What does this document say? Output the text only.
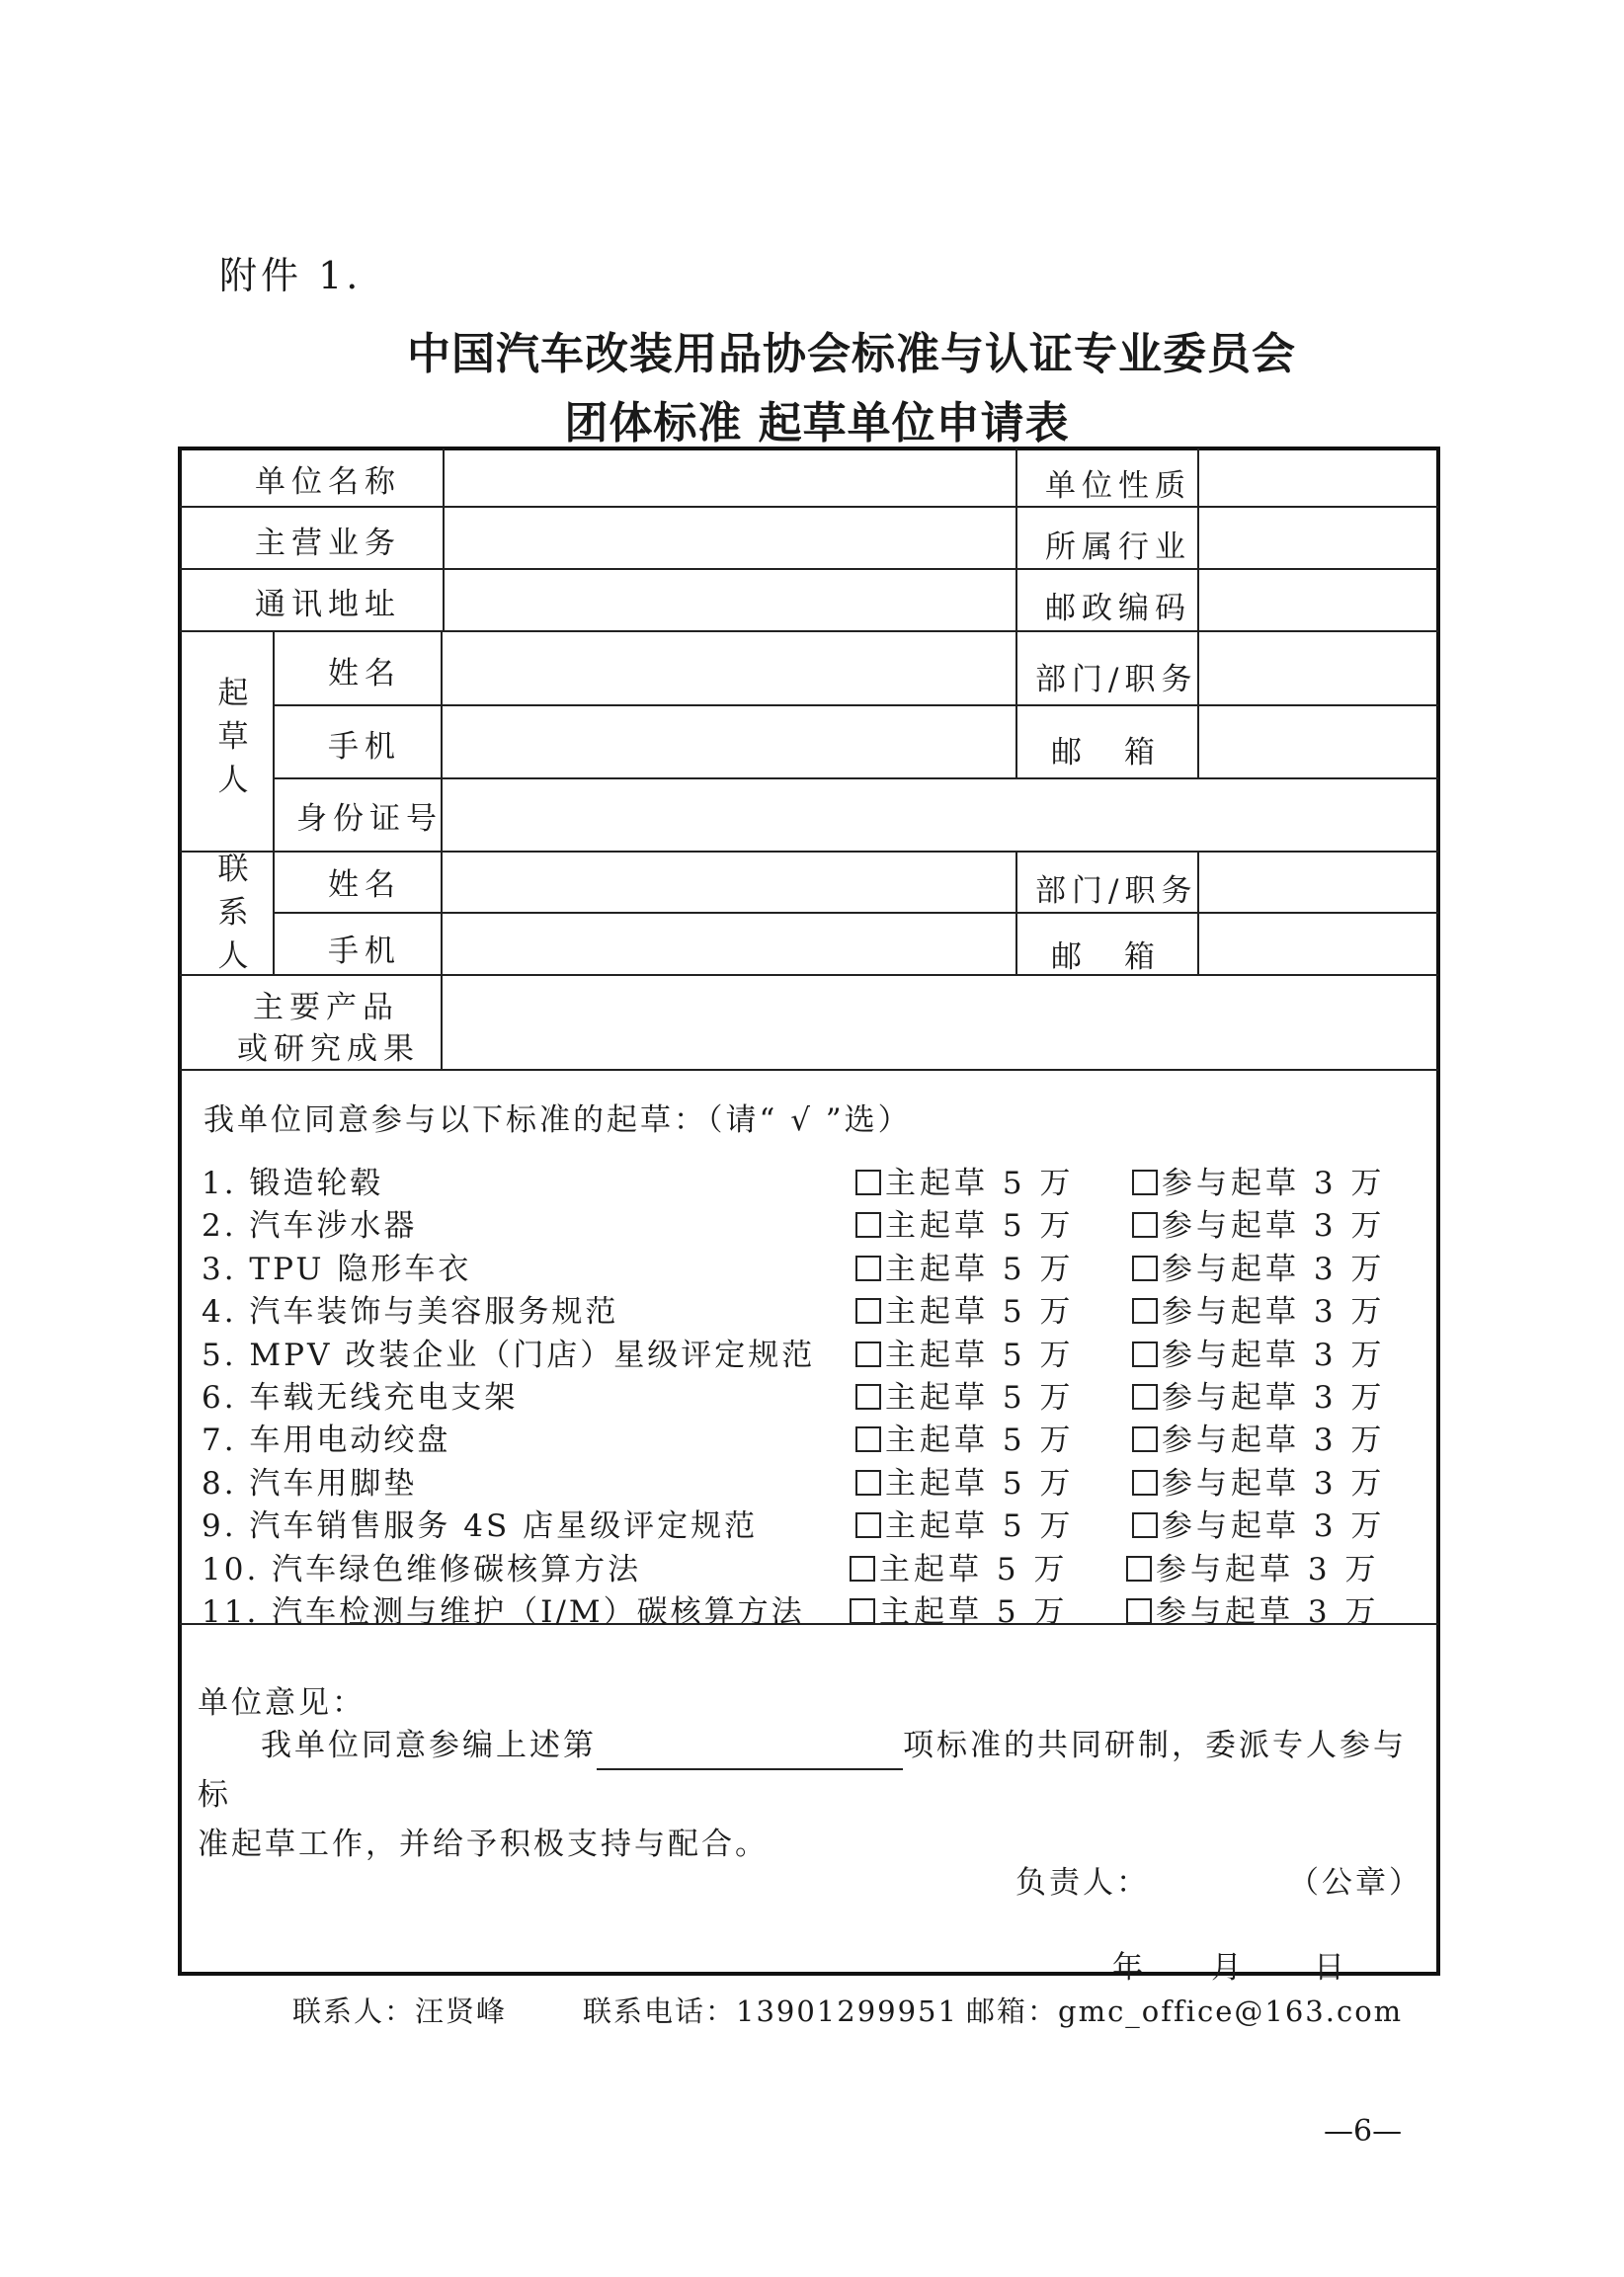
附件 1.
中国汽车改装用品协会标准与认证专业委员会
团体标准 起草单位申请表
单位名称	单位性质
主营业务	所属行业
通讯地址	邮政编码
起草人
姓名	部门/职务
手机	邮　箱
身份证号
联系人
姓名	部门/职务
手机	邮　箱
主要产品
或研究成果
我单位同意参与以下标准的起草：（请“ √ ”选）
1. 锻造轮毂	主起草 5 万	参与起草 3 万
2. 汽车涉水器	主起草 5 万	参与起草 3 万
3. TPU 隐形车衣	主起草 5 万	参与起草 3 万
4. 汽车装饰与美容服务规范	主起草 5 万	参与起草 3 万
5. MPV 改装企业（门店）星级评定规范	主起草 5 万	参与起草 3 万
6. 车载无线充电支架	主起草 5 万	参与起草 3 万
7. 车用电动绞盘	主起草 5 万	参与起草 3 万
8. 汽车用脚垫	主起草 5 万	参与起草 3 万
9. 汽车销售服务 4S 店星级评定规范	主起草 5 万	参与起草 3 万
10. 汽车绿色维修碳核算方法	主起草 5 万	参与起草 3 万
11. 汽车检测与维护（I/M）碳核算方法	主起草 5 万	参与起草 3 万
单位意见：
我单位同意参编上述第	项标准的共同研制，委派专人参与标
准起草工作，并给予积极支持与配合。
负责人：	（公章）
年 月 日
联系人：汪贤峰	联系电话：13901299951 邮箱：gmc_office@163.com
—6—
